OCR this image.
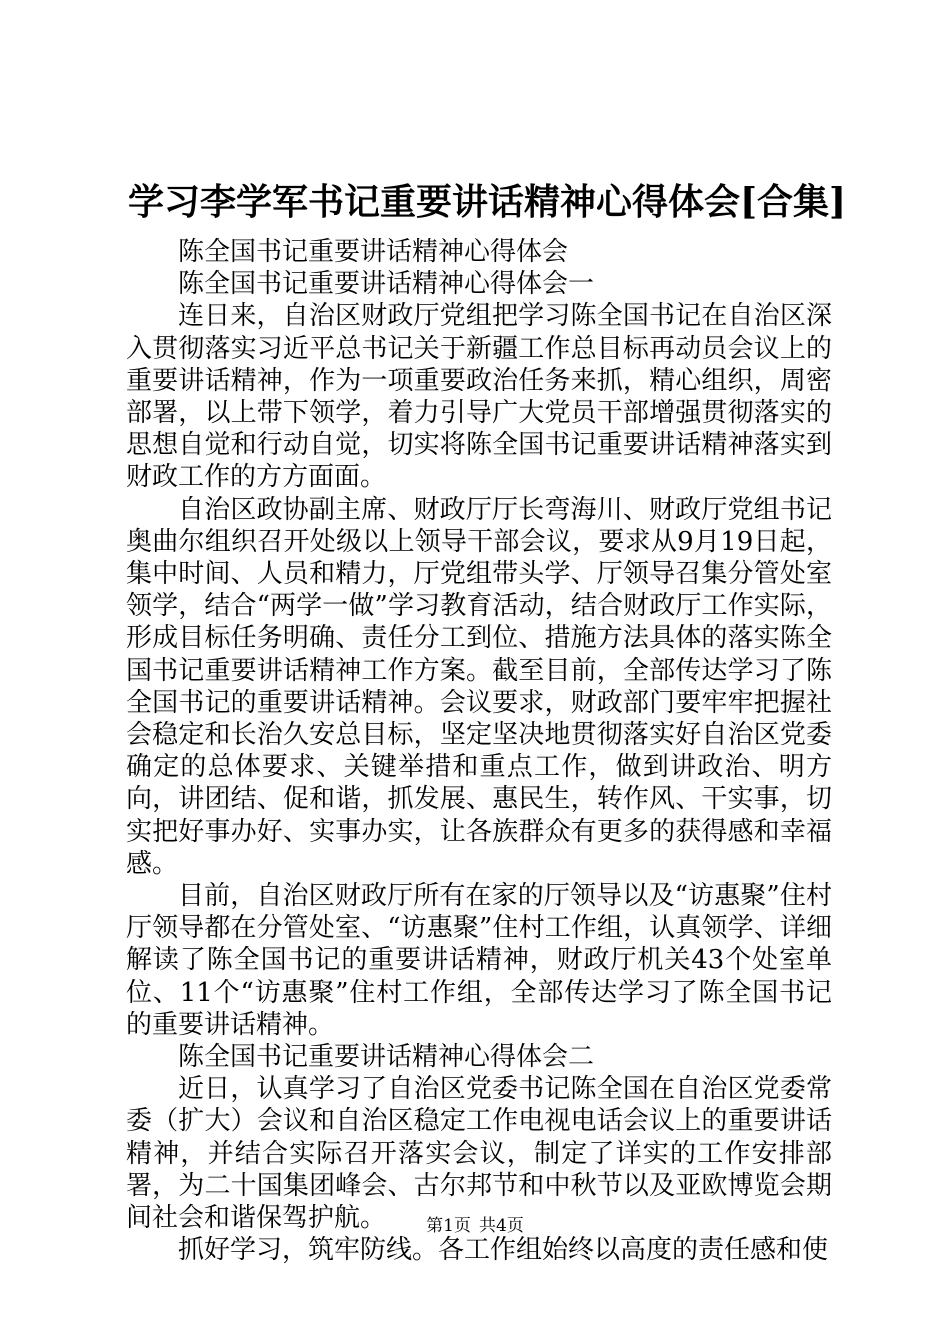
学习李学军书记重要讲话精神心得体会[合集]

陈全国书记重要讲话精神心得体会

陈全国书记重要讲话精神心得体会一

连日来，自治区财政厅党组把学习陈全国书记在自治区深入贯彻落实习近平总书记关于新疆工作总目标再动员会议上的重要讲话精神，作为一项重要政治任务来抓，精心组织，周密部署，以上带下领学，着力引导广大党员干部增强贯彻落实的思想自觉和行动自觉，切实将陈全国书记重要讲话精神落实到财政工作的方方面面。

自治区政协副主席、财政厅厅长弯海川、财政厅党组书记奥曲尔组织召开处级以上领导干部会议，要求从9月19日起，集中时间、人员和精力，厅党组带头学、厅领导召集分管处室领学，结合“两学一做”学习教育活动，结合财政厅工作实际，形成目标任务明确、责任分工到位、措施方法具体的落实陈全国书记重要讲话精神工作方案。截至目前，全部传达学习了陈全国书记的重要讲话精神。会议要求，财政部门要牢牢把握社会稳定和长治久安总目标，坚定坚决地贯彻落实好自治区党委确定的总体要求、关键举措和重点工作，做到讲政治、明方向，讲团结、促和谐，抓发展、惠民生，转作风、干实事，切实把好事办好、实事办实，让各族群众有更多的获得感和幸福感。

目前，自治区财政厅所有在家的厅领导以及“访惠聚”住村厅领导都在分管处室、“访惠聚”住村工作组，认真领学、详细解读了陈全国书记的重要讲话精神，财政厅机关43个处室单位、11个“访惠聚”住村工作组，全部传达学习了陈全国书记的重要讲话精神。

陈全国书记重要讲话精神心得体会二

近日，认真学习了自治区党委书记陈全国在自治区党委常委（扩大）会议和自治区稳定工作电视电话会议上的重要讲话精神，并结合实际召开落实会议，制定了详实的工作安排部署，为二十国集团峰会、古尔邦节和中秋节以及亚欧博览会期间社会和谐保驾护航。

抓好学习，筑牢防线。各工作组始终以高度的责任感和使

第1页 共4页
